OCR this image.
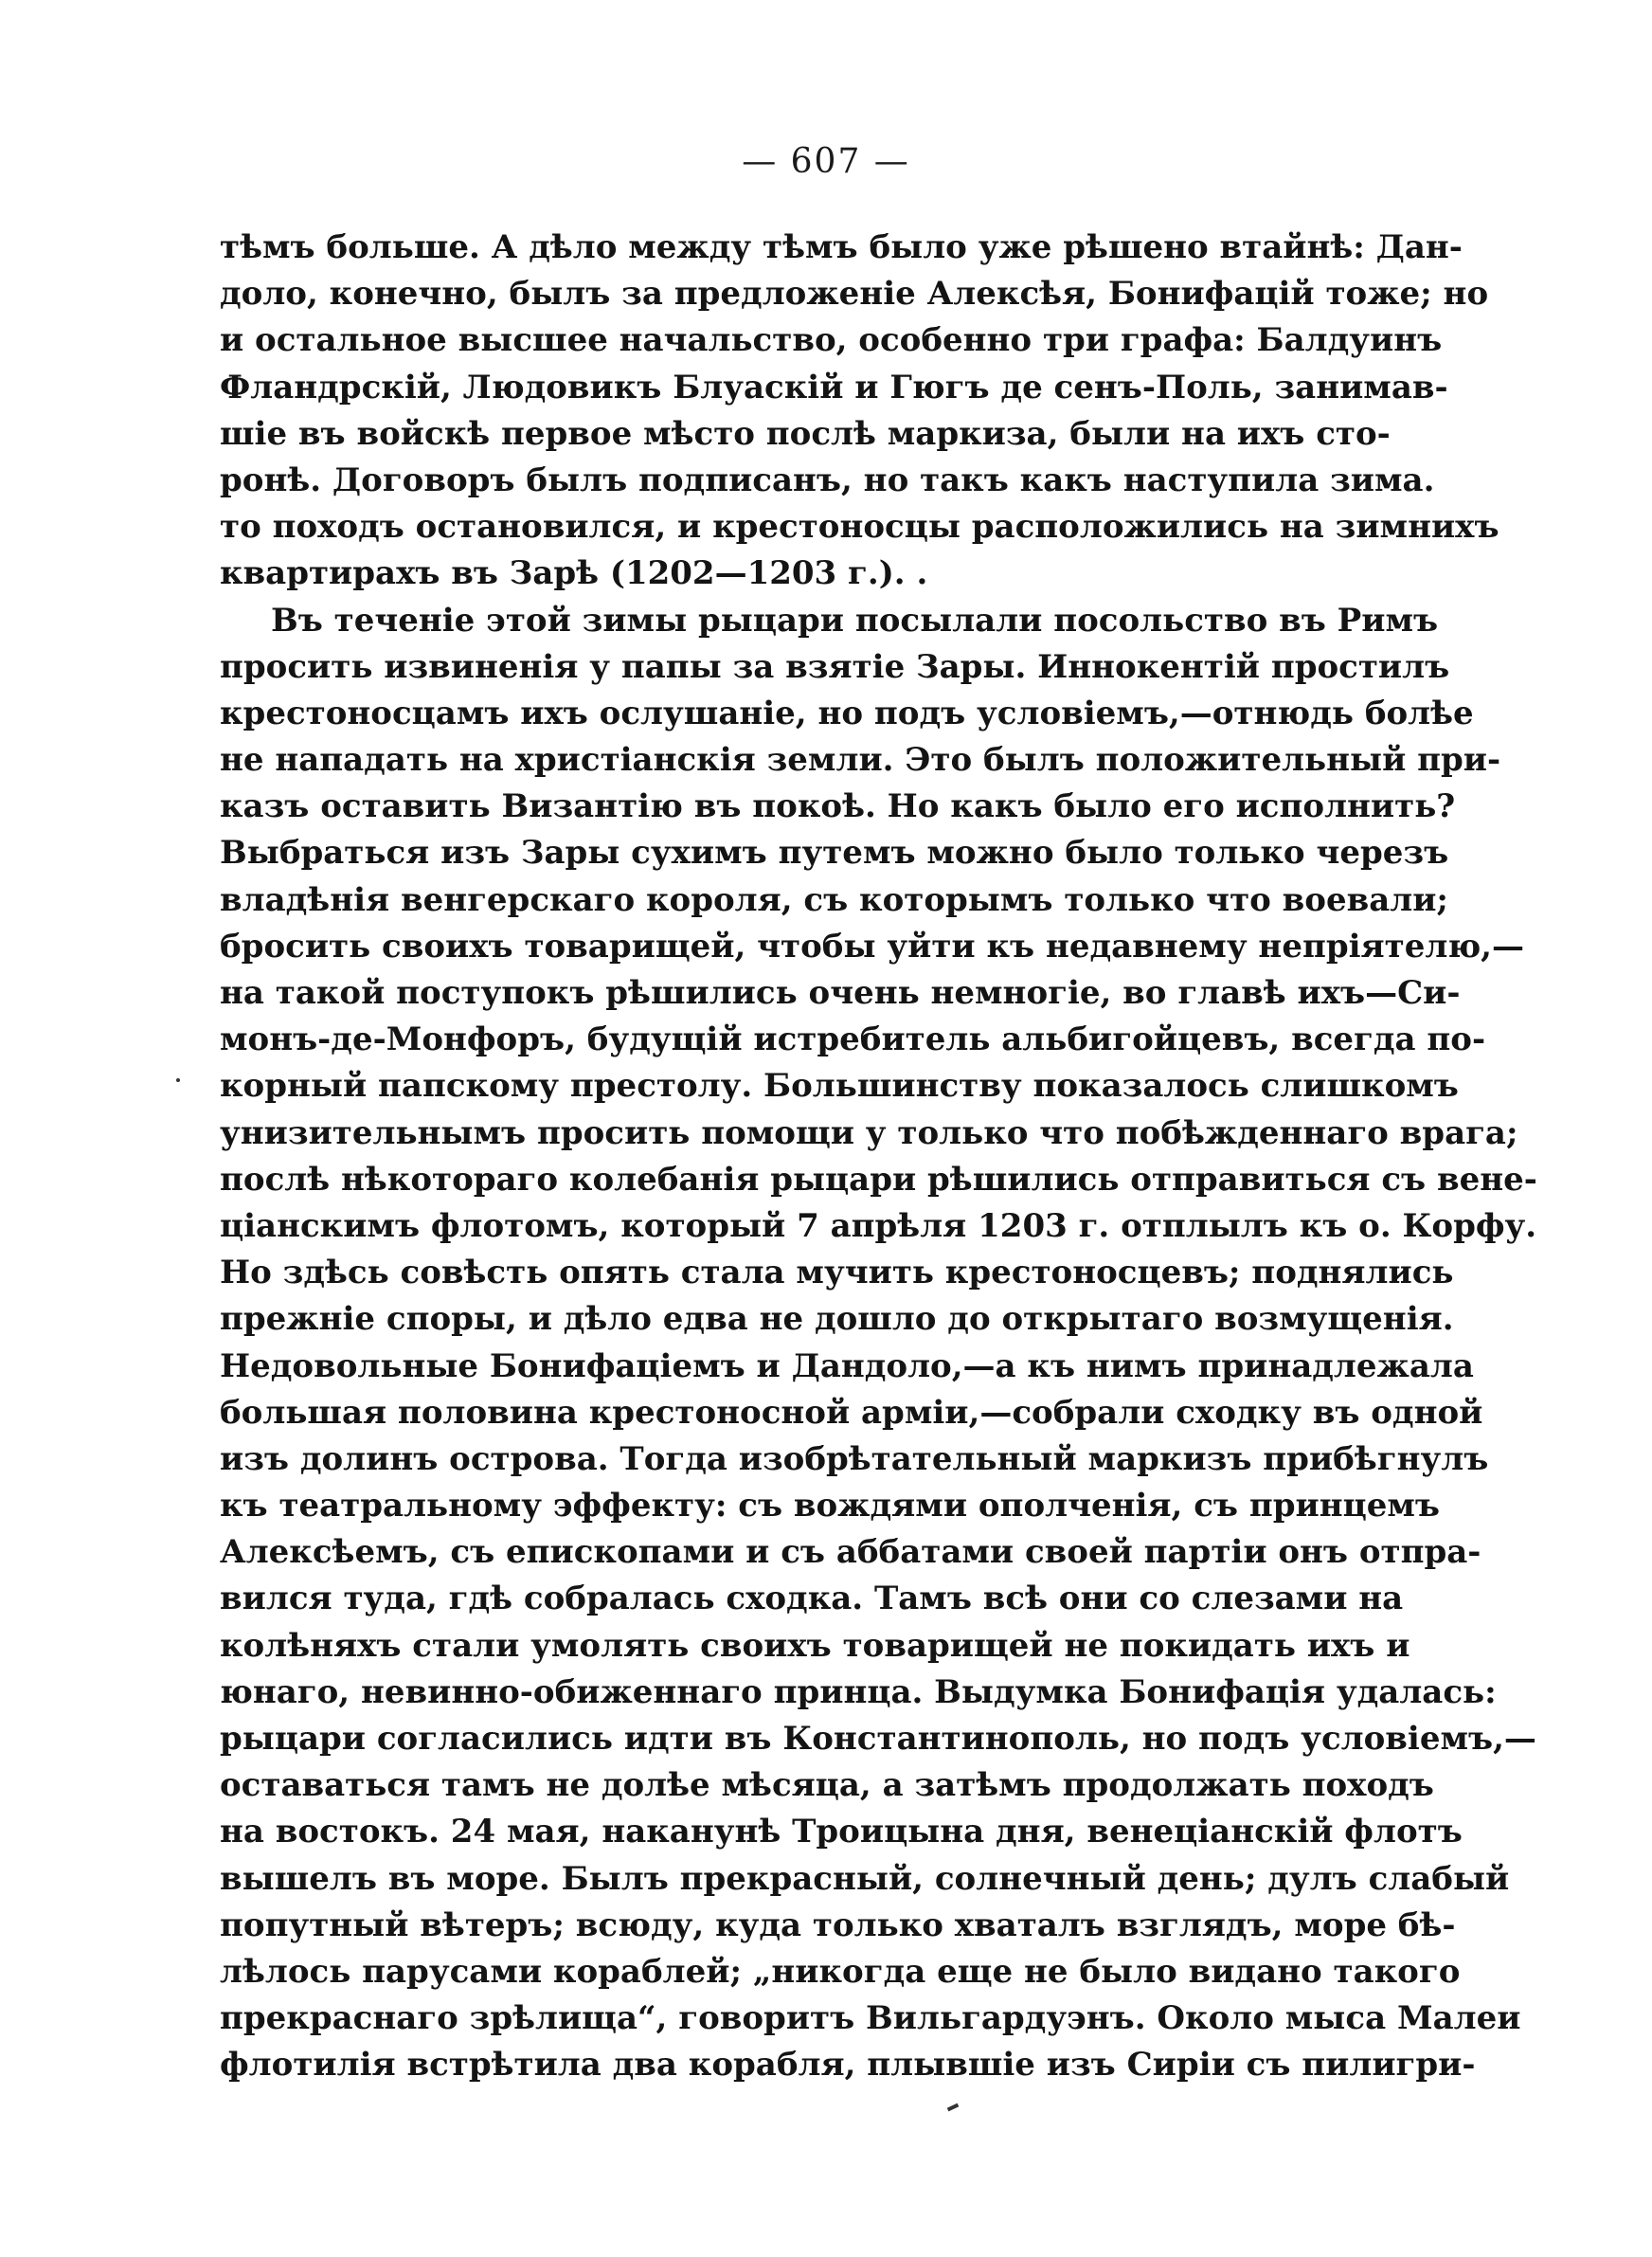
— 607 —
тѣмъ больше. А дѣло между тѣмъ было уже рѣшено втайнѣ: Дан-
доло, конечно, былъ за предложеніе Алексѣя, Бонифацій тоже; но
и остальное высшее начальство, особенно три графа: Балдуинъ
Фландрскій, Людовикъ Блуаскій и Гюгъ де сенъ-Поль, занимав-
шіе въ войскѣ первое мѣсто послѣ маркиза, были на ихъ сто-
ронѣ. Договоръ былъ подписанъ, но такъ какъ наступила зима.
то походъ остановился, и крестоносцы расположились на зимнихъ
квартирахъ въ Зарѣ (1202—1203 г.). .
Въ теченіе этой зимы рыцари посылали посольство въ Римъ
просить извиненія у папы за взятіе Зары. Иннокентій простилъ
крестоносцамъ ихъ ослушаніе, но подъ условіемъ,—отнюдь болѣе
не нападать на христіанскія земли. Это былъ положительный при-
казъ оставить Византію въ покоѣ. Но какъ было его исполнить?
Выбраться изъ Зары сухимъ путемъ можно было только черезъ
владѣнія венгерскаго короля, съ которымъ только что воевали;
бросить своихъ товарищей, чтобы уйти къ недавнему непріятелю,—
на такой поступокъ рѣшились очень немногіе, во главѣ ихъ—Си-
монъ-де-Монфоръ, будущій истребитель альбигойцевъ, всегда по-
корный папскому престолу. Большинству показалось слишкомъ
унизительнымъ просить помощи у только что побѣжденнаго врага;
послѣ нѣкотораго колебанія рыцари рѣшились отправиться съ вене-
ціанскимъ флотомъ, который 7 апрѣля 1203 г. отплылъ къ о. Корфу.
Но здѣсь совѣсть опять стала мучить крестоносцевъ; поднялись
прежніе споры, и дѣло едва не дошло до открытаго возмущенія.
Недовольные Бонифаціемъ и Дандоло,—а къ нимъ принадлежала
большая половина крестоносной арміи,—собрали сходку въ одной
изъ долинъ острова. Тогда изобрѣтательный маркизъ прибѣгнулъ
къ театральному эффекту: съ вождями ополченія, съ принцемъ
Алексѣемъ, съ епископами и съ аббатами своей партіи онъ отпра-
вился туда, гдѣ собралась сходка. Тамъ всѣ они со слезами на
колѣняхъ стали умолять своихъ товарищей не покидать ихъ и
юнаго, невинно-обиженнаго принца. Выдумка Бонифація удалась:
рыцари согласились идти въ Константинополь, но подъ условіемъ,—
оставаться тамъ не долѣе мѣсяца, а затѣмъ продолжать походъ
на востокъ. 24 мая, наканунѣ Троицына дня, венеціанскій флотъ
вышелъ въ море. Былъ прекрасный, солнечный день; дулъ слабый
попутный вѣтеръ; всюду, куда только хваталъ взглядъ, море бѣ-
лѣлось парусами кораблей; „никогда еще не было видано такого
прекраснаго зрѣлища“, говоритъ Вильгардуэнъ. Около мыса Малеи
флотилія встрѣтила два корабля, плывшіе изъ Сиріи съ пилигри-
